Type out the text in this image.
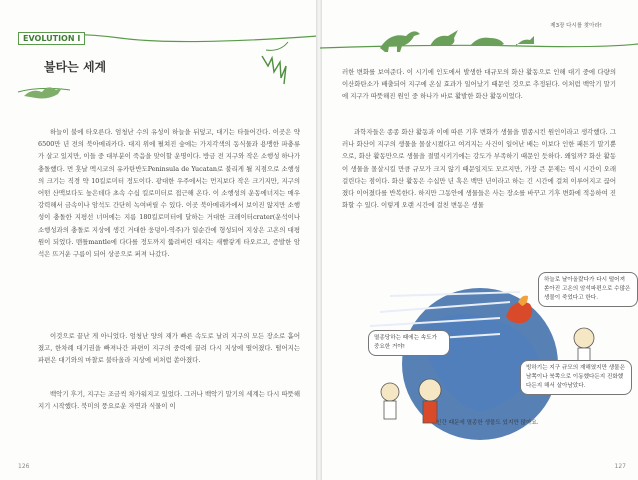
EVOLUTION I
불타는 세계
하늘이 불에 타오른다. 엄청난 수의 유성이 하늘을 뒤덮고, 대기는 타들어간다. 이곳은 약 6500만 년 전의 북아메리카다. 대지 위에 펼쳐진 숲에는 가지각색의 동식물과 용맹한 파충류가 살고 있지만, 이들 중 대부분이 죽음을 맞이할 운명이다. 방금 전 지구와 작은 소행성 하나가 충돌했다. 먼 훗날 멕시코의 유카탄반도Peninsula de Yucatan로 불리게 될 지점으로 소행성의 크기는 직경 약 10킬로미터 정도이다. 광대한 우주에서는 먼지보다 작은 크기지만, 지구의 어떤 산맥보다도 높은데다 초속 수십 킬로미터로 접근해 온다. 이 소행성의 운동에너지는 매우 강력해서 금속이나 암석도 간단히 녹여버릴 수 있다. 이곳 북아메리카에서 보이진 않지만 소행성이 충돌한 지평선 너머에는 지름 180킬로미터에 달하는 거대한 크레이터crater(운석이나 소행성과의 충돌로 지상에 생긴 거대한 웅덩이-역주)가 일순간에 형성되어 지상은 고온의 대평원이 되었다. 맨틀mantle에 다다를 정도까지 뚫려버린 대지는 새빨갛게 타오르고, 증발한 암석은 뜨거운 구름이 되어 상공으로 퍼져 나갔다.
이것으로 끝난 게 아니었다. 엄청난 양의 재가 빠른 속도로 날려 지구의 모든 장소로 흩어졌고, 한차례 대기권을 빠져나간 파편이 지구의 중력에 끌려 다시 지상에 떨어졌다. 떨어지는 파편은 대기와의 마찰로 불타올라 지상에 비처럼 쏟아졌다.
백악기 후기, 지구는 조금씩 차가워지고 있었다. 그러나 백악기 말기의 세계는 다시 따뜻해지기 시작했다. 북미의 풍요로운 자연과 식물이 이
126
제3장 다시를 찾아라!
러한 변화를 보여준다. 이 시기에 인도에서 발생한 대규모의 화산 활동으로 인해 대기 중에 다량의 이산화탄소가 배출되어 지구에 온실 효과가 일어났기 때문인 것으로 추정된다. 이처럼 백악기 말기에 지구가 따뜻해진 원인 중 하나가 바로 활발한 화산 활동이었다.
과학자들은 종종 화산 활동과 이에 따른 기후 변화가 생물을 멸종시킨 원인이라고 생각했다. 그러나 화산이 지구의 생물을 몰살시켰다고 여겨지는 사건이 일어난 배는 이보다 인한 패튼기 말기뿐으로, 화산 활동만으로 생물을 절멸시키기에는 강도가 부족하기 때문인 듯하다. 왜일까? 화산 활동이 생물을 몰살시킬 만큼 규모가 크지 않기 때문일지도 모르지만, 가장 큰 문제는 역시 시간이 오래 걸린다는 점이다. 화산 활동은 수십만 년 혹은 백만 년이라고 하는 긴 시간에 걸쳐 이루어지고 끊어졌다 이어졌다를 반복한다. 하지만 그동안에 생물들은 사는 장소를 바꾸고 기후 변화에 적응하여 진화할 수 있다. 이렇게 오랜 시간에 걸친 변동은 생물
하늘로 날아올랐다가 다시 떨어져 쏟아진 고온의 암석파편으로 수많은 생물이 죽었다고 한다.
멸종당하는 때에는 속도가 중요한 거야!
빙하기는 지구 규모의 재해였지만 생물은 남쪽이나 북쪽으로 이동했다든지 진화했다든지 해서 살아남았다.
인간 때문에 멸종한 생물도 있지만 많아요.
127
